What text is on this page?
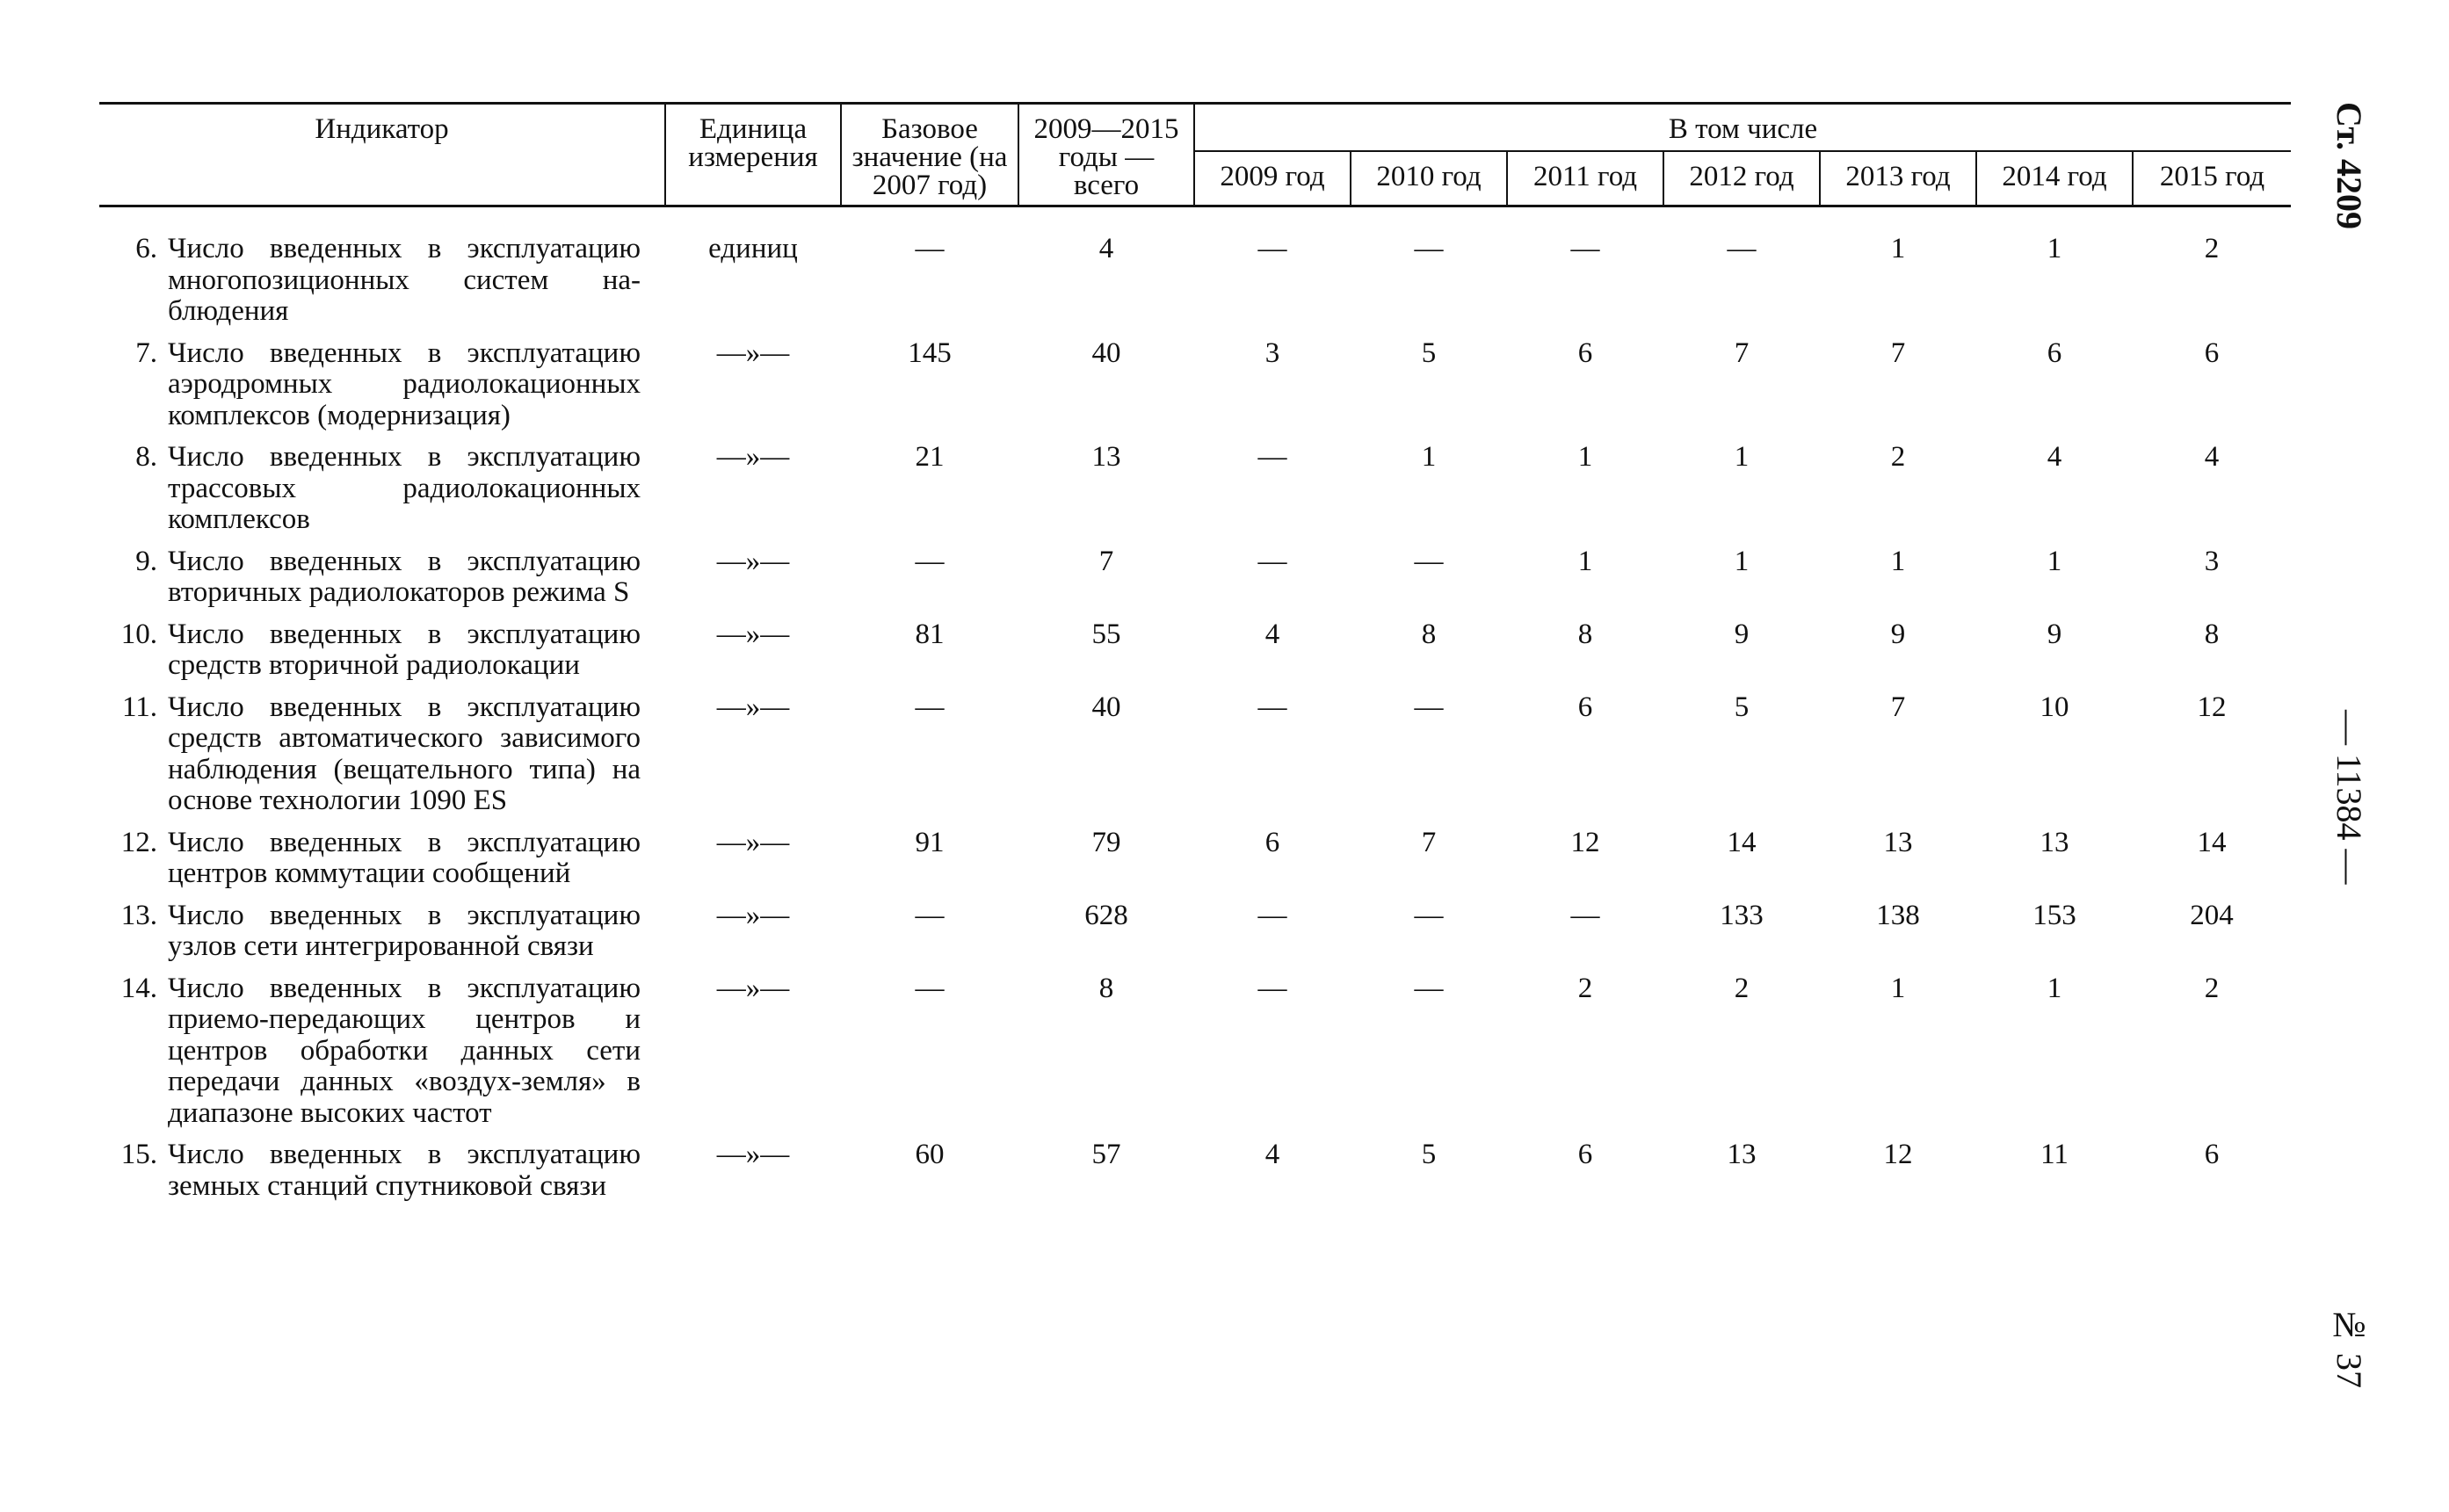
Индикатор	Единица измерения	Базовое значение (на 2007 год)	2009—2015 годы — всего	В том числе						
				2009 год	2010 год	2011 год	2012 год	2013 год	2014 год	2015 год

6. Число введенных в эксплуатацию многопозиционных систем наблюдения	единиц	—	4	—	—	—	—	1	1	2

7. Число введенных в эксплуатацию аэродромных радиолокационных комплексов (модернизация)	—»—	145	40	3	5	6	7	7	6	6

8. Число введенных в эксплуатацию трассовых радиолокационных комплексов	—»—	21	13	—	1	1	1	2	4	4

9. Число введенных в эксплуатацию вторичных радиолокаторов режима S	—»—	—	7	—	—	1	1	1	1	3

10. Число введенных в эксплуатацию средств вторичной радиолокации	—»—	81	55	4	8	8	9	9	9	8

11. Число введенных в эксплуатацию средств автоматического зависимого наблюдения (вещательного типа) на основе технологии 1090 ES	—»—	—	40	—	—	6	5	7	10	12

12. Число введенных в эксплуатацию центров коммутации сообщений	—»—	91	79	6	7	12	14	13	13	14

13. Число введенных в эксплуатацию узлов сети интегрированной связи	—»—	—	628	—	—	—	133	138	153	204

14. Число введенных в эксплуатацию приемо-передающих центров и центров обработки данных сети передачи данных «воздух-земля» в диапазоне высоких частот	—»—	—	8	—	—	2	2	1	1	2

15. Число введенных в эксплуатацию земных станций спутниковой связи	—»—	60	57	4	5	6	13	12	11	6
Ст. 4209
— 11384 —
№ 37
